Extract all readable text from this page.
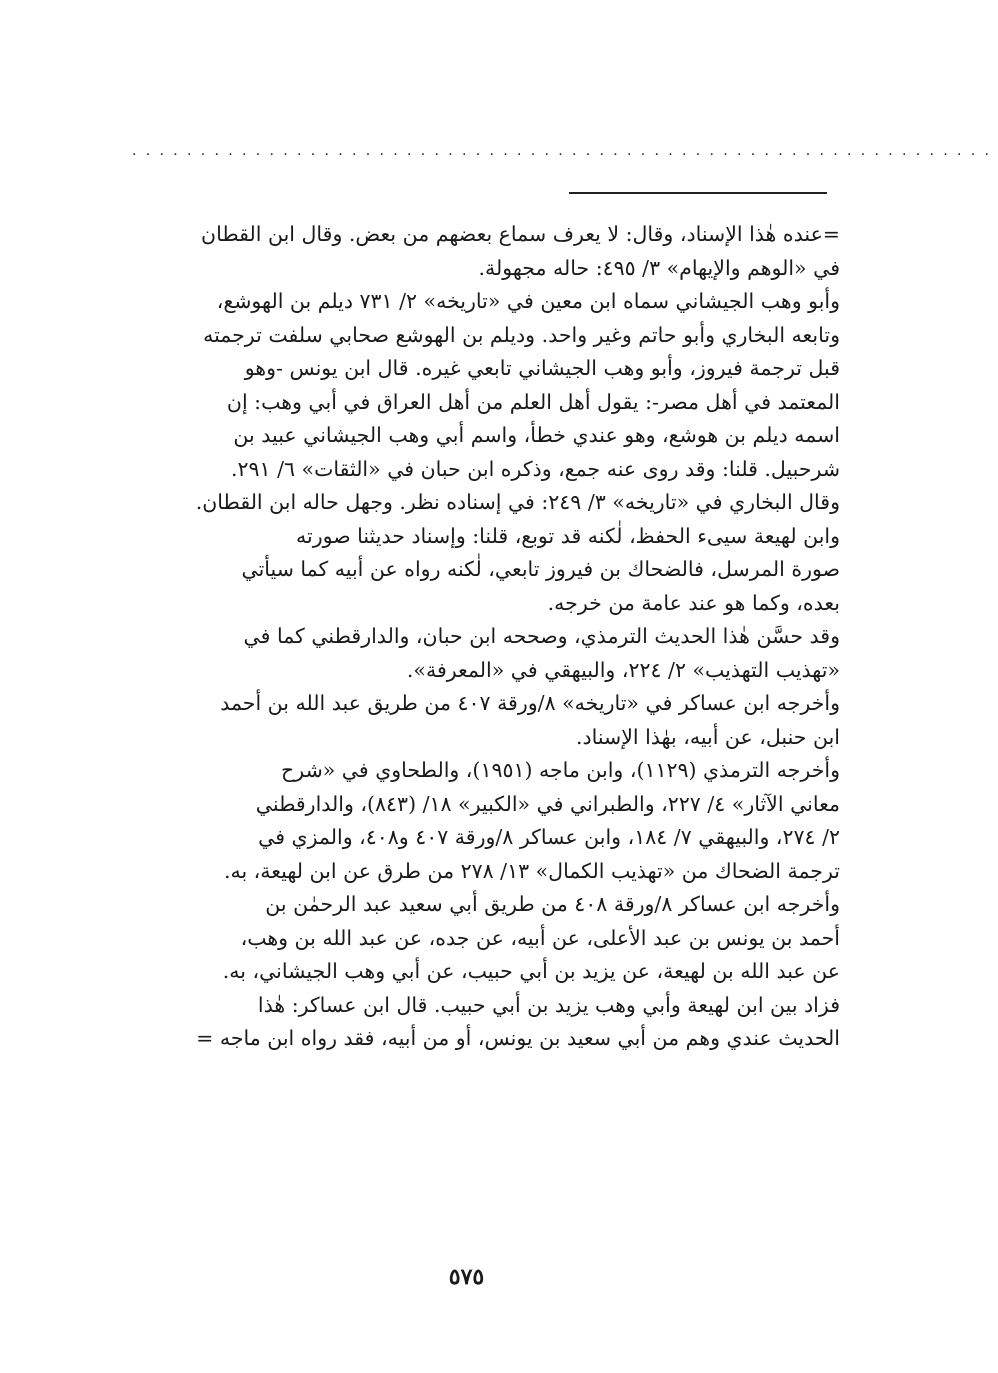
...............................................................
=عنده هٰذا الإسناد، وقال: لا يعرف سماع بعضهم من بعض. وقال ابن القطان
في «الوهم والإيهام» ٣/ ٤٩٥: حاله مجهولة.
وأبو وهب الجيشاني سماه ابن معين في «تاريخه» ٢/ ٧٣١ ديلم بن الهوشع،
وتابعه البخاري وأبو حاتم وغير واحد. وديلم بن الهوشع صحابي سلفت ترجمته
قبل ترجمة فيروز، وأبو وهب الجيشاني تابعي غيره. قال ابن يونس -وهو
المعتمد في أهل مصر-: يقول أهل العلم من أهل العراق في أبي وهب: إن
اسمه ديلم بن هوشع، وهو عندي خطأ، واسم أبي وهب الجيشاني عبيد بن
شرحبيل. قلنا: وقد روى عنه جمع، وذكره ابن حبان في «الثقات» ٦/ ٢٩١.
وقال البخاري في «تاريخه» ٣/ ٢٤٩: في إسناده نظر. وجهل حاله ابن القطان.
وابن لهيعة سيىء الحفظ، لٰكنه قد توبع، قلنا: وإسناد حديثنا صورته
صورة المرسل، فالضحاك بن فيروز تابعي، لٰكنه رواه عن أبيه كما سيأتي
بعده، وكما هو عند عامة من خرجه.
وقد حسَّن هٰذا الحديث الترمذي، وصححه ابن حبان، والدارقطني كما في
«تهذيب التهذيب» ٢/ ٢٢٤، والبيهقي في «المعرفة».
وأخرجه ابن عساكر في «تاريخه» ٨/ورقة ٤٠٧ من طريق عبد الله بن أحمد
ابن حنبل، عن أبيه، بهٰذا الإسناد.
وأخرجه الترمذي (١١٢٩)، وابن ماجه (١٩٥١)، والطحاوي في «شرح
معاني الآثار» ٤/ ٢٢٧، والطبراني في «الكبير» ١٨/ (٨٤٣)، والدارقطني
٢/ ٢٧٤، والبيهقي ٧/ ١٨٤، وابن عساكر ٨/ورقة ٤٠٧ و٤٠٨، والمزي في
ترجمة الضحاك من «تهذيب الكمال» ١٣/ ٢٧٨ من طرق عن ابن لهيعة، به.
وأخرجه ابن عساكر ٨/ورقة ٤٠٨ من طريق أبي سعيد عبد الرحمٰن بن
أحمد بن يونس بن عبد الأعلى، عن أبيه، عن جده، عن عبد الله بن وهب،
عن عبد الله بن لهيعة، عن يزيد بن أبي حبيب، عن أبي وهب الجيشاني، به.
فزاد بين ابن لهيعة وأبي وهب يزيد بن أبي حبيب. قال ابن عساكر: هٰذا
الحديث عندي وهم من أبي سعيد بن يونس، أو من أبيه، فقد رواه ابن ماجه =
٥٧٥
